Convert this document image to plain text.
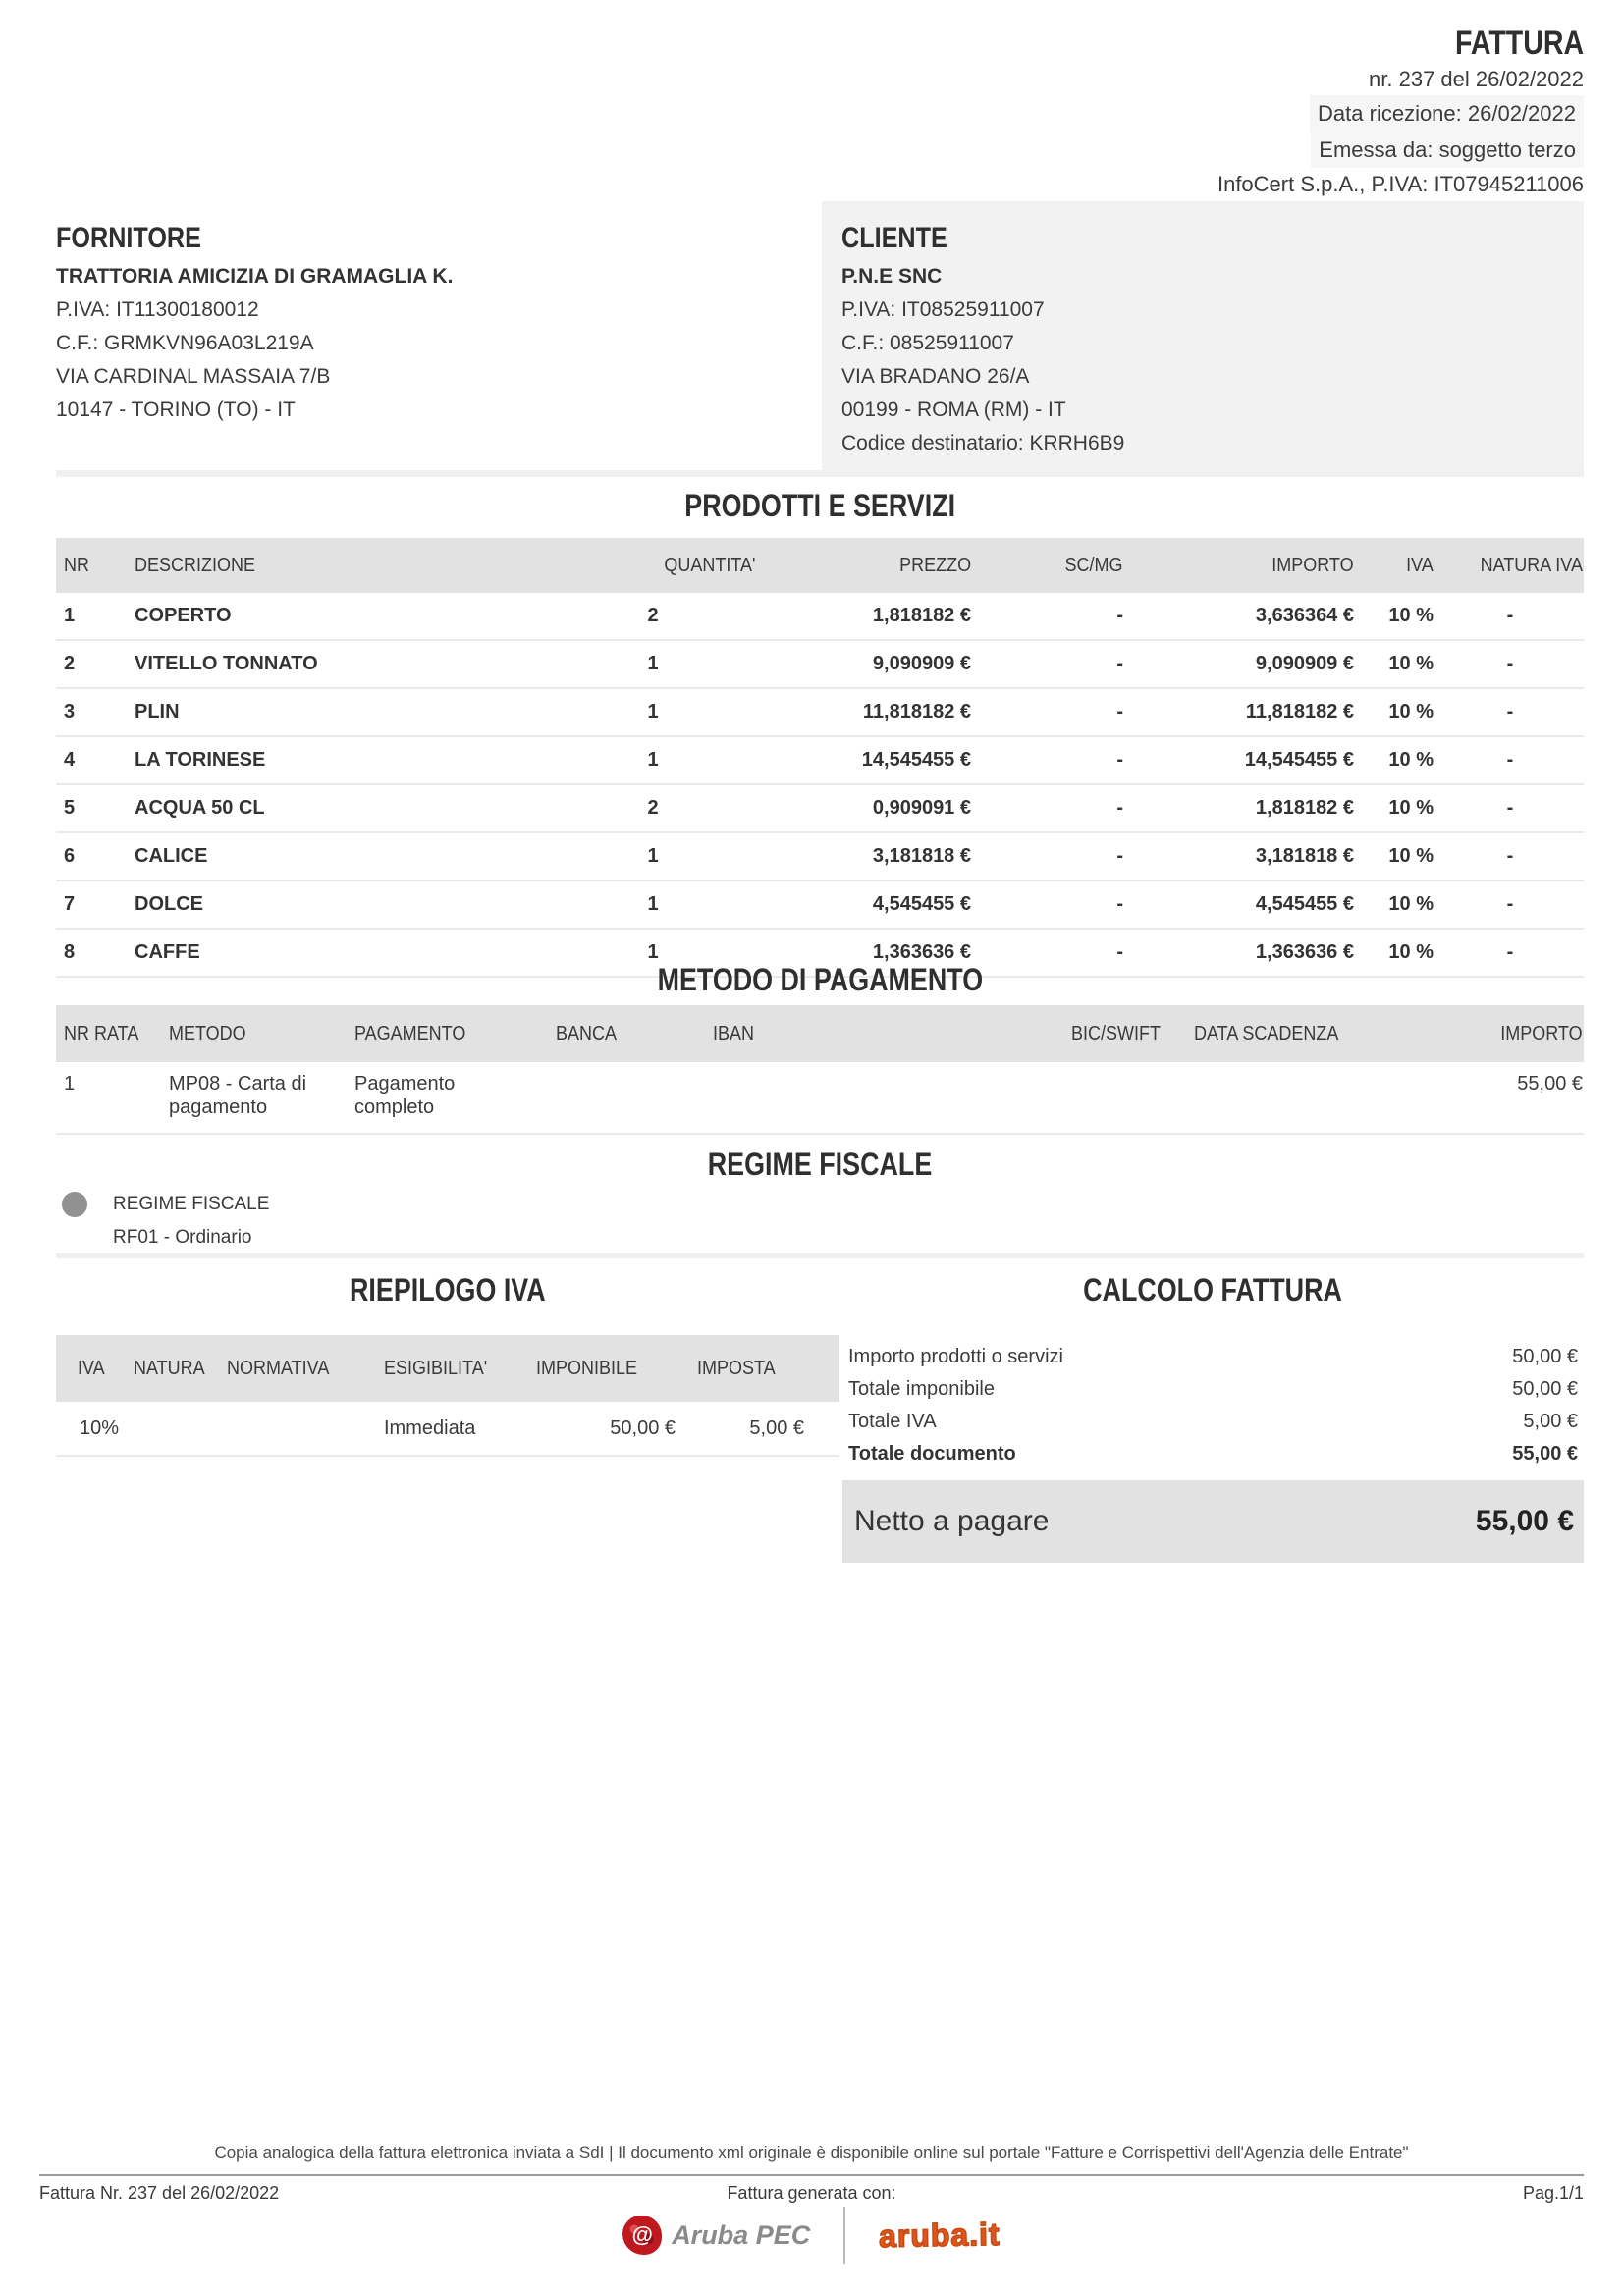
FATTURA
nr. 237 del 26/02/2022
Data ricezione: 26/02/2022
Emessa da: soggetto terzo
InfoCert S.p.A., P.IVA: IT07945211006
FORNITORE
TRATTORIA AMICIZIA DI GRAMAGLIA K.
P.IVA: IT11300180012
C.F.: GRMKVN96A03L219A
VIA CARDINAL MASSAIA 7/B
10147 - TORINO (TO) - IT
CLIENTE
P.N.E SNC
P.IVA: IT08525911007
C.F.: 08525911007
VIA BRADANO 26/A
00199 - ROMA (RM) - IT
Codice destinatario: KRRH6B9
PRODOTTI E SERVIZI
NR	DESCRIZIONE	QUANTITA'	PREZZO	SC/MG	IMPORTO	IVA	NATURA IVA
1	COPERTO	2	1,818182 €	-	3,636364 €	10 %	-
2	VITELLO TONNATO	1	9,090909 €	-	9,090909 €	10 %	-
3	PLIN	1	11,818182 €	-	11,818182 €	10 %	-
4	LA TORINESE	1	14,545455 €	-	14,545455 €	10 %	-
5	ACQUA 50 CL	2	0,909091 €	-	1,818182 €	10 %	-
6	CALICE	1	3,181818 €	-	3,181818 €	10 %	-
7	DOLCE	1	4,545455 €	-	4,545455 €	10 %	-
8	CAFFE	1	1,363636 €	-	1,363636 €	10 %	-
METODO DI PAGAMENTO
NR RATA	METODO	PAGAMENTO	BANCA	IBAN	BIC/SWIFT	DATA SCADENZA	IMPORTO
1	MP08 - Carta di pagamento	Pagamento completo					55,00 €
REGIME FISCALE
REGIME FISCALE
RF01 - Ordinario
RIEPILOGO IVA
IVA	NATURA	NORMATIVA	ESIGIBILITA'	IMPONIBILE	IMPOSTA
10%			Immediata	50,00 €	5,00 €
CALCOLO FATTURA
Importo prodotti o servizi	50,00 €
Totale imponibile	50,00 €
Totale IVA	5,00 €
Totale documento	55,00 €
Netto a pagare	55,00 €
Copia analogica della fattura elettronica inviata a SdI | Il documento xml originale è disponibile online sul portale "Fatture e Corrispettivi dell'Agenzia delle Entrate"
Fattura Nr. 237 del 26/02/2022	Fattura generata con:	Pag.1/1
@ Aruba PEC aruba.it
